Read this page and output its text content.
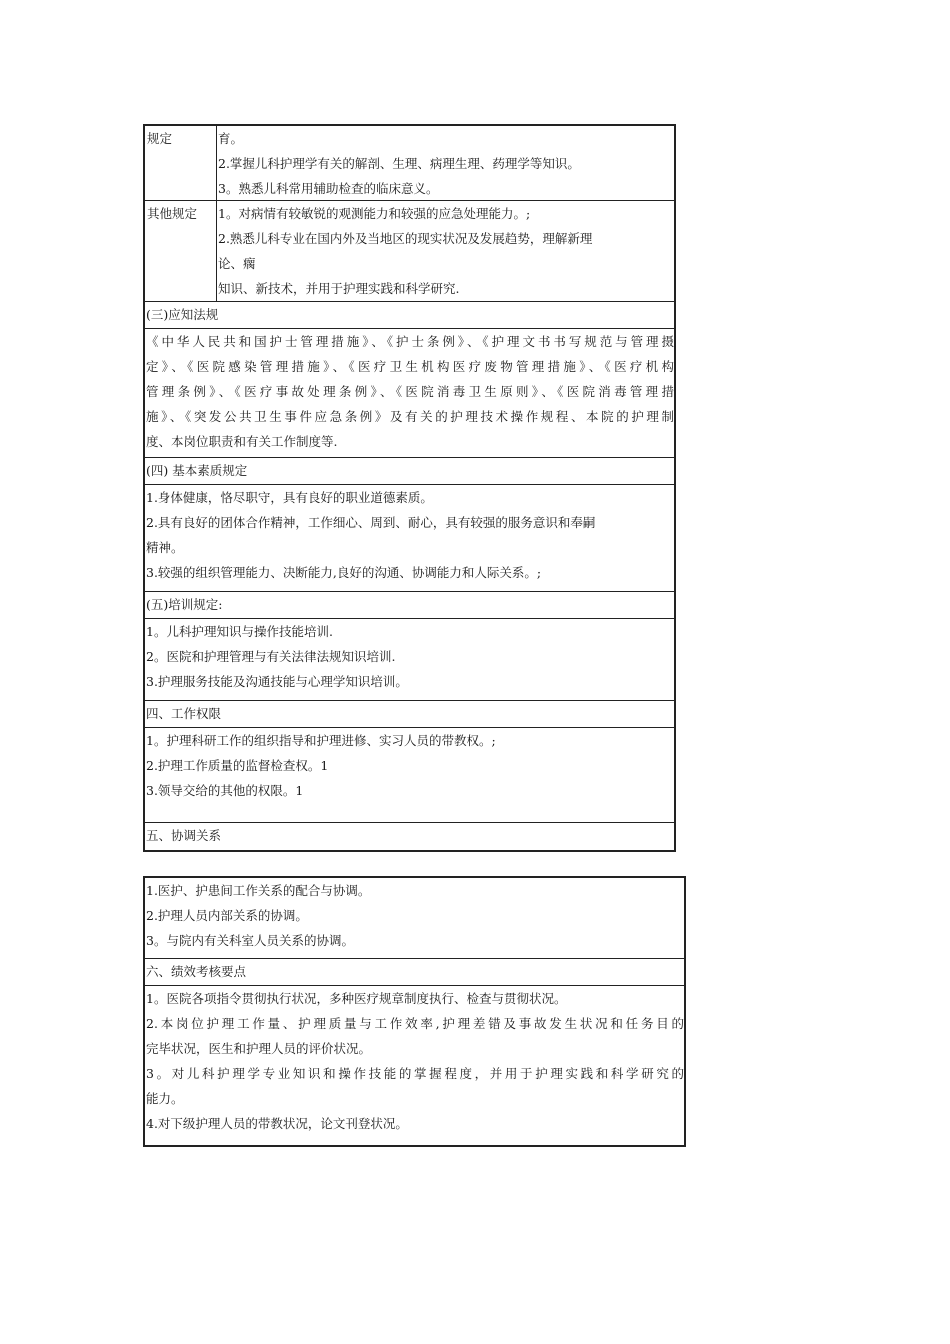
规定	育。
2.掌握儿科护理学有关的解剖、生理、病理生理、药理学等知识。
3。熟悉儿科常用辅助检查的临床意义。
其他规定	1。对病情有较敏锐的观测能力和较强的应急处理能力。;
2.熟悉儿科专业在国内外及当地区的现实状况及发展趋势，理解新理
论、瘸
知识、新技术，并用于护理实践和科学研究.
(三)应知法规
《中华人民共和国护士管理措施》、《护士条例》、《护理文书书写规范与管理摄
定》、《医院感染管理措施》、《医疗卫生机构医疗废物管理措施》、《医疗机构
管理条例》、《医疗事故处理条例》、《医院消毒卫生原则》、《医院消毒管理措
施》、《突发公共卫生事件应急条例》及有关的护理技术操作规程、本院的护理制
度、本岗位职责和有关工作制度等.
(四) 基本素质规定
1.身体健康，恪尽职守，具有良好的职业道德素质。
2.具有良好的团体合作精神，工作细心、周到、耐心，具有较强的服务意识和奉嗣
精神。
3.较强的组织管理能力、决断能力,良好的沟通、协调能力和人际关系。;
(五)培训规定:
1。儿科护理知识与操作技能培训.
2。医院和护理管理与有关法律法规知识培训.
3.护理服务技能及沟通技能与心理学知识培训。
四、工作权限
1。护理科研工作的组织指导和护理进修、实习人员的带教权。;
2.护理工作质量的监督检查权。1
3.领导交给的其他的权限。1
五、协调关系
1.医护、护患间工作关系的配合与协调。
2.护理人员内部关系的协调。
3。与院内有关科室人员关系的协调。
六、绩效考核要点
1。医院各项指令贯彻执行状况，多种医疗规章制度执行、检查与贯彻状况。
2.本岗位护理工作量、护理质量与工作效率,护理差错及事故发生状况和任务目的
完毕状况，医生和护理人员的评价状况。
3。对儿科护理学专业知识和操作技能的掌握程度，并用于护理实践和科学研究的
能力。
4.对下级护理人员的带教状况，论文刊登状况。
